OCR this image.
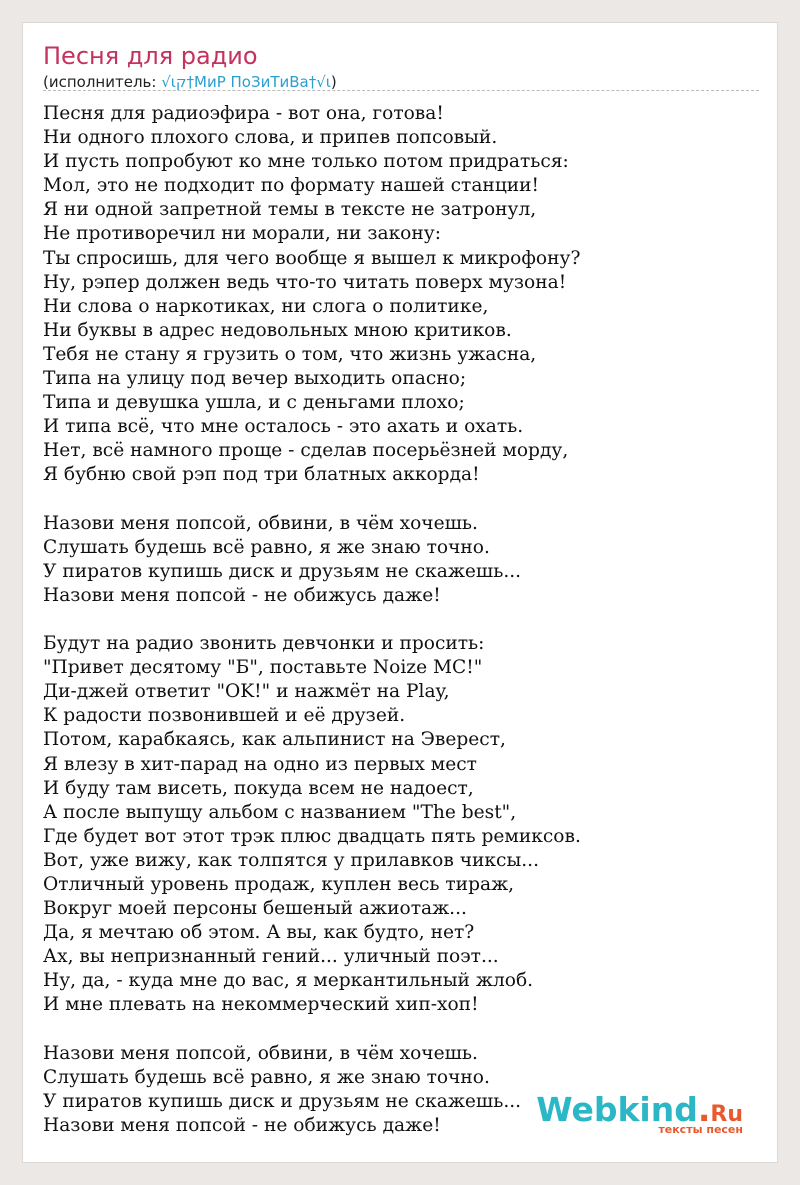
Песня для радио
(исполнитель: √ιק†МиР ПоЗиТиВа†√ι)
Песня для радиоэфира - вот она, готова!
Ни одного плохого слова, и припев попсовый.
И пусть попробуют ко мне только потом придраться:
Мол, это не подходит по формату нашей станции!
Я ни одной запретной темы в тексте не затронул,
Не противоречил ни морали, ни закону:
Ты спросишь, для чего вообще я вышел к микрофону?
Ну, рэпер должен ведь что-то читать поверх музона!
Ни слова о наркотиках, ни слога о политике,
Ни буквы в адрес недовольных мною критиков.
Тебя не стану я грузить о том, что жизнь ужасна,
Типа на улицу под вечер выходить опасно;
Типа и девушка ушла, и с деньгами плохо;
И типа всё, что мне осталось - это ахать и охать.
Нет, всё намного проще - сделав посерьёзней морду,
Я бубню свой рэп под три блатных аккорда!
Назови меня попсой, обвини, в чём хочешь.
Слушать будешь всё равно, я же знаю точно.
У пиратов купишь диск и друзьям не скажешь...
Назови меня попсой - не обижусь даже!
Будут на радио звонить девчонки и просить:
"Привет десятому "Б", поставьте Noize MC!"
Ди-джей ответит "OK!" и нажмёт на Play,
К радости позвонившей и её друзей.
Потом, карабкаясь, как альпинист на Эверест,
Я влезу в хит-парад на одно из первых мест
И буду там висеть, покуда всем не надоест,
А после выпущу альбом с названием "The best",
Где будет вот этот трэк плюс двадцать пять ремиксов.
Вот, уже вижу, как толпятся у прилавков чиксы...
Отличный уровень продаж, куплен весь тираж,
Вокруг моей персоны бешеный ажиотаж...
Да, я мечтаю об этом. А вы, как будто, нет?
Ах, вы непризнанный гений... уличный поэт...
Ну, да, - куда мне до вас, я меркантильный жлоб.
И мне плевать на некоммерческий хип-хоп!
Назови меня попсой, обвини, в чём хочешь.
Слушать будешь всё равно, я же знаю точно.
У пиратов купишь диск и друзьям не скажешь...
Назови меня попсой - не обижусь даже!	Webkind.Ru
тексты песен
